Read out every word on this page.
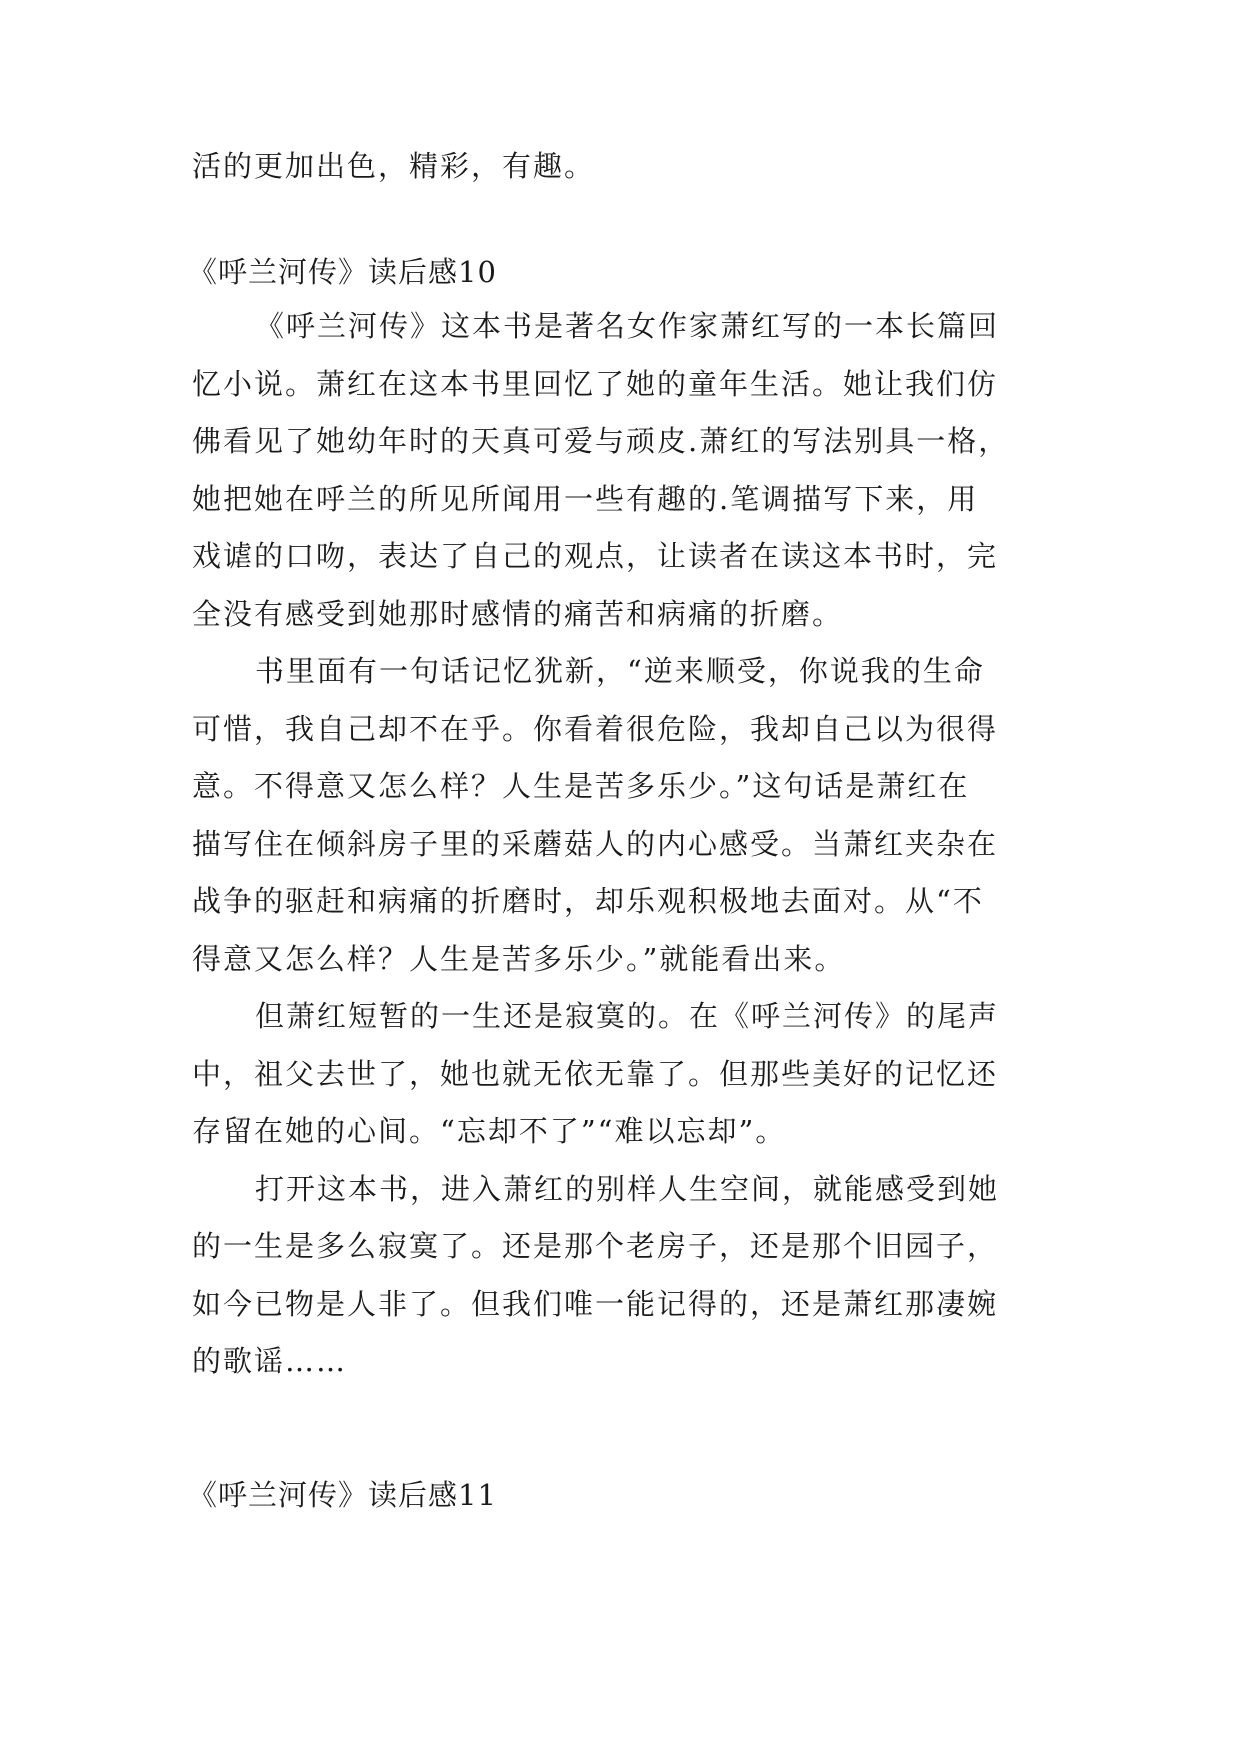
活的更加出色，精彩，有趣。
《呼兰河传》读后感10
《呼兰河传》这本书是著名女作家萧红写的一本长篇回
忆小说。萧红在这本书里回忆了她的童年生活。她让我们仿
佛看见了她幼年时的天真可爱与顽皮.萧红的写法别具一格，
她把她在呼兰的所见所闻用一些有趣的.笔调描写下来，用
戏谑的口吻，表达了自己的观点，让读者在读这本书时，完
全没有感受到她那时感情的痛苦和病痛的折磨。
书里面有一句话记忆犹新，“逆来顺受，你说我的生命
可惜，我自己却不在乎。你看着很危险，我却自己以为很得
意。不得意又怎么样？人生是苦多乐少。”这句话是萧红在
描写住在倾斜房子里的采蘑菇人的内心感受。当萧红夹杂在
战争的驱赶和病痛的折磨时，却乐观积极地去面对。从“不
得意又怎么样？人生是苦多乐少。”就能看出来。
但萧红短暂的一生还是寂寞的。在《呼兰河传》的尾声
中，祖父去世了，她也就无依无靠了。但那些美好的记忆还
存留在她的心间。“忘却不了”“难以忘却”。
打开这本书，进入萧红的别样人生空间，就能感受到她
的一生是多么寂寞了。还是那个老房子，还是那个旧园子，
如今已物是人非了。但我们唯一能记得的，还是萧红那凄婉
的歌谣……
《呼兰河传》读后感11
